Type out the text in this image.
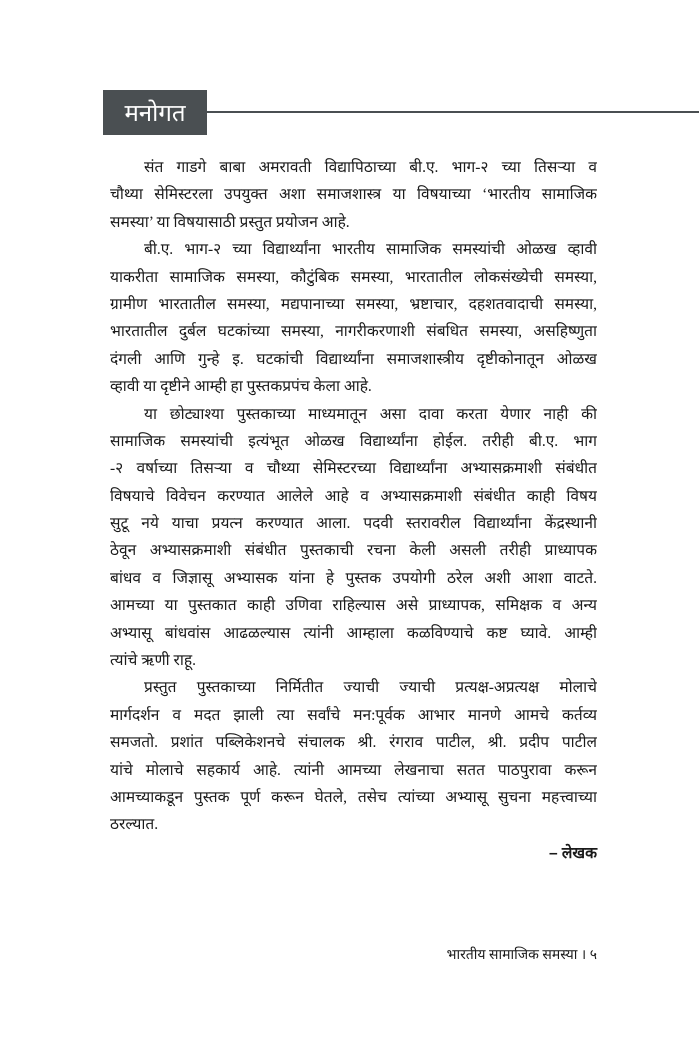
मनोगत
संत गाडगे बाबा अमरावती विद्यापिठाच्या बी.ए. भाग-२ च्या तिसऱ्या व
चौथ्या सेमिस्टरला उपयुक्त अशा समाजशास्त्र या विषयाच्या ‘भारतीय सामाजिक
समस्या’ या विषयासाठी प्रस्तुत प्रयोजन आहे.
बी.ए. भाग-२ च्या विद्यार्थ्यांना भारतीय सामाजिक समस्यांची ओळख व्हावी
याकरीता सामाजिक समस्या, कौटुंबिक समस्या, भारतातील लोकसंख्येची समस्या,
ग्रामीण भारतातील समस्या, मद्यपानाच्या समस्या, भ्रष्टाचार, दहशतवादाची समस्या,
भारतातील दुर्बल घटकांच्या समस्या, नागरीकरणाशी संबधित समस्या, असहिष्णुता
दंगली आणि गुन्हे इ. घटकांची विद्यार्थ्यांना समाजशास्त्रीय दृष्टीकोनातून ओळख
व्हावी या दृष्टीने आम्ही हा पुस्तकप्रपंच केला आहे.
या छोट्याश्या पुस्तकाच्या माध्यमातून असा दावा करता येणार नाही की
सामाजिक समस्यांची इत्यंभूत ओळख विद्यार्थ्यांना होईल. तरीही बी.ए. भाग
-२ वर्षाच्या तिसऱ्या व चौथ्या सेमिस्टरच्या विद्यार्थ्यांना अभ्यासक्रमाशी संबंधीत
विषयाचे विवेचन करण्यात आलेले आहे व अभ्यासक्रमाशी संबंधीत काही विषय
सुटू नये याचा प्रयत्न करण्यात आला. पदवी स्तरावरील विद्यार्थ्यांना केंद्रस्थानी
ठेवून अभ्यासक्रमाशी संबंधीत पुस्तकाची रचना केली असली तरीही प्राध्यापक
बांधव व जिज्ञासू अभ्यासक यांना हे पुस्तक उपयोगी ठरेल अशी आशा वाटते.
आमच्या या पुस्तकात काही उणिवा राहिल्यास असे प्राध्यापक, समिक्षक व अन्य
अभ्यासू बांधवांस आढळल्यास त्यांनी आम्हाला कळविण्याचे कष्ट घ्यावे. आम्ही
त्यांचे ऋणी राहू.
प्रस्तुत पुस्तकाच्या निर्मितीत ज्याची ज्याची प्रत्यक्ष-अप्रत्यक्ष मोलाचे
मार्गदर्शन व मदत झाली त्या सर्वांचे मन:पूर्वक आभार मानणे आमचे कर्तव्य
समजतो. प्रशांत पब्लिकेशनचे संचालक श्री. रंगराव पाटील, श्री. प्रदीप पाटील
यांचे मोलाचे सहकार्य आहे. त्यांनी आमच्या लेखनाचा सतत पाठपुरावा करून
आमच्याकडून पुस्तक पूर्ण करून घेतले, तसेच त्यांच्या अभ्यासू सुचना महत्त्वाच्या
ठरल्यात.
– लेखक
भारतीय सामाजिक समस्या । ५
